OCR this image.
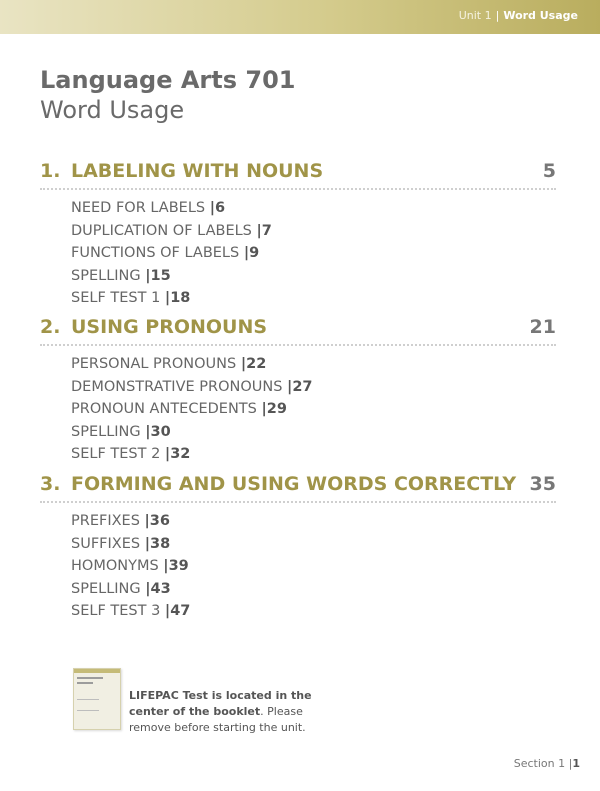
Unit 1 | Word Usage
Language Arts 701
Word Usage
1. LABELING WITH NOUNS	5
NEED FOR LABELS |6
DUPLICATION OF LABELS |7
FUNCTIONS OF LABELS |9
SPELLING |15
SELF TEST 1 |18
2. USING PRONOUNS	21
PERSONAL PRONOUNS |22
DEMONSTRATIVE PRONOUNS |27
PRONOUN ANTECEDENTS |29
SPELLING |30
SELF TEST 2 |32
3. FORMING AND USING WORDS CORRECTLY 35
PREFIXES |36
SUFFIXES |38
HOMONYMS |39
SPELLING |43
SELF TEST 3 |47
LIFEPAC Test is located in the center of the booklet. Please remove before starting the unit.
Section 1 |1
